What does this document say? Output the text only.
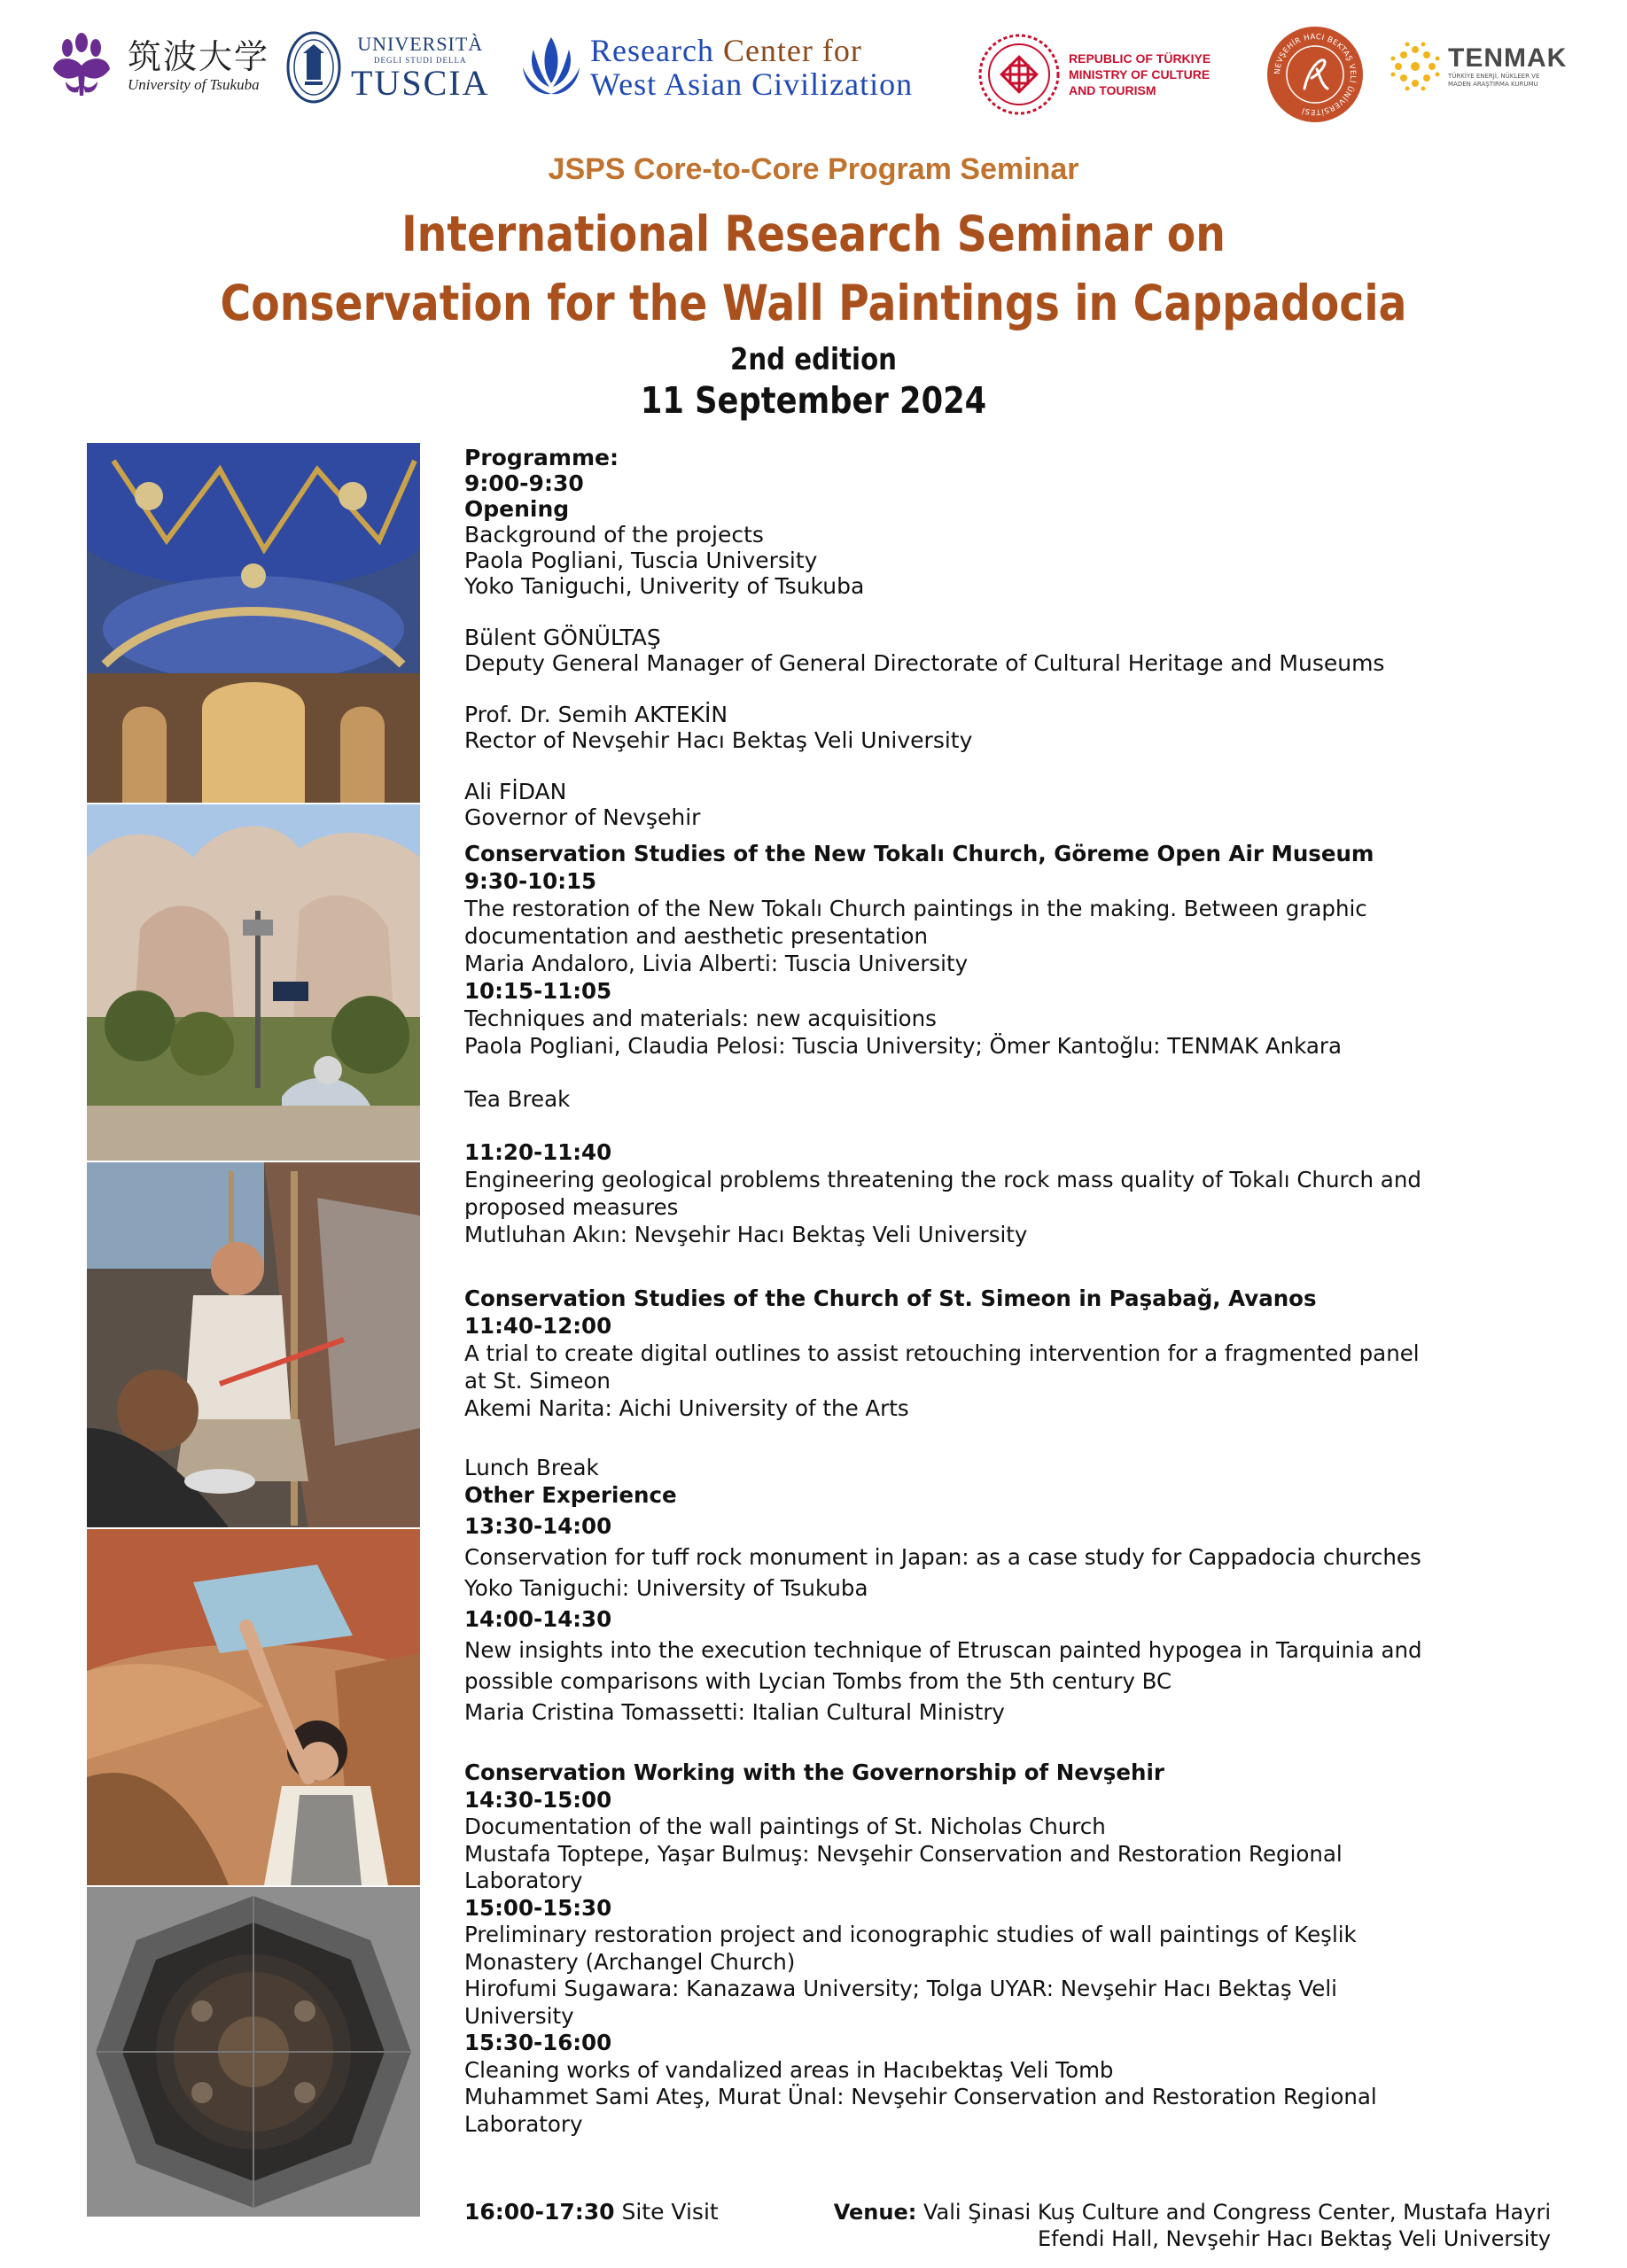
筑波大学
University of Tsukuba
UNIVERSITÀ
DEGLI STUDI DELLA
TUSCIA
Research Center for
West Asian Civilization
REPUBLIC OF TÜRKIYE
MINISTRY OF CULTURE
AND TOURISM
NEVŞEHİR HACI BEKTAŞ VELİ ÜNİVERSİTESİ
TENMAK
TÜRKİYE ENERJİ, NÜKLEER VE
MADEN ARAŞTIRMA KURUMU
JSPS Core-to-Core Program Seminar
International Research Seminar on
Conservation for the Wall Paintings in Cappadocia
2nd edition
11 September 2024
Programme:
9:00-9:30
Opening
Background of the projects
Paola Pogliani, Tuscia University
Yoko Taniguchi, Univerity of Tsukuba
Bülent GÖNÜLTAŞ
Deputy General Manager of General Directorate of Cultural Heritage and Museums
Prof. Dr. Semih AKTEKİN
Rector of Nevşehir Hacı Bektaş Veli University
Ali FİDAN
Governor of Nevşehir
Conservation Studies of the New Tokalı Church, Göreme Open Air Museum
9:30-10:15
The restoration of the New Tokalı Church paintings in the making. Between graphic
documentation and aesthetic presentation
Maria Andaloro, Livia Alberti: Tuscia University
10:15-11:05
Techniques and materials: new acquisitions
Paola Pogliani, Claudia Pelosi: Tuscia University; Ömer Kantoğlu: TENMAK Ankara
Tea Break
11:20-11:40
Engineering geological problems threatening the rock mass quality of Tokalı Church and
proposed measures
Mutluhan Akın: Nevşehir Hacı Bektaş Veli University
Conservation Studies of the Church of St. Simeon in Paşabağ, Avanos
11:40-12:00
A trial to create digital outlines to assist retouching intervention for a fragmented panel
at St. Simeon
Akemi Narita: Aichi University of the Arts
Lunch Break
Other Experience
13:30-14:00
Conservation for tuff rock monument in Japan: as a case study for Cappadocia churches
Yoko Taniguchi: University of Tsukuba
14:00-14:30
New insights into the execution technique of Etruscan painted hypogea in Tarquinia and
possible comparisons with Lycian Tombs from the 5th century BC
Maria Cristina Tomassetti: Italian Cultural Ministry
Conservation Working with the Governorship of Nevşehir
14:30-15:00
Documentation of the wall paintings of St. Nicholas Church
Mustafa Toptepe, Yaşar Bulmuş: Nevşehir Conservation and Restoration Regional
Laboratory
15:00-15:30
Preliminary restoration project and iconographic studies of wall paintings of Keşlik
Monastery (Archangel Church)
Hirofumi Sugawara: Kanazawa University; Tolga UYAR: Nevşehir Hacı Bektaş Veli
University
15:30-16:00
Cleaning works of vandalized areas in Hacıbektaş Veli Tomb
Muhammet Sami Ateş, Murat Ünal: Nevşehir Conservation and Restoration Regional
Laboratory
16:00-17:30 Site Visit	Venue: Vali Şinasi Kuş Culture and Congress Center, Mustafa Hayri
Efendi Hall, Nevşehir Hacı Bektaş Veli University
